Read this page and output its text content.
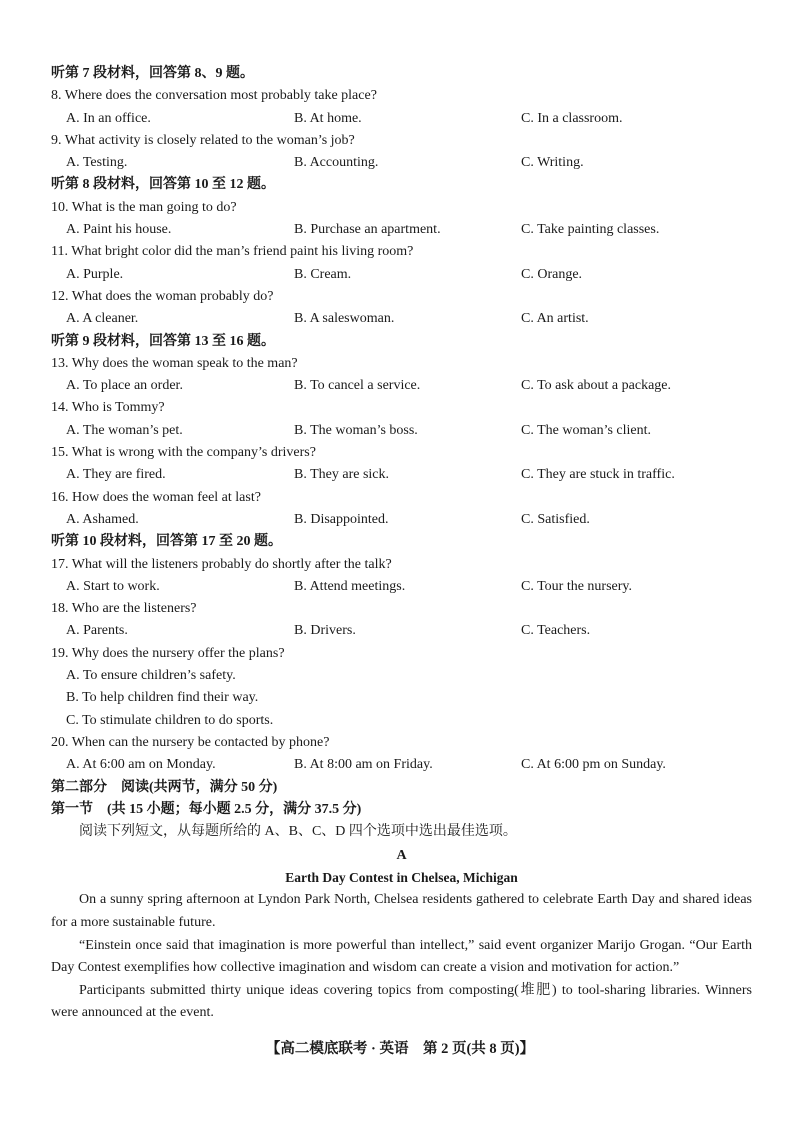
听第 7 段材料，回答第 8、9 题。
8. Where does the conversation most probably take place?
A. In an office.	B. At home.	C. In a classroom.
9. What activity is closely related to the woman’s job?
A. Testing.	B. Accounting.	C. Writing.
听第 8 段材料，回答第 10 至 12 题。
10. What is the man going to do?
A. Paint his house.	B. Purchase an apartment.	C. Take painting classes.
11. What bright color did the man’s friend paint his living room?
A. Purple.	B. Cream.	C. Orange.
12. What does the woman probably do?
A. A cleaner.	B. A saleswoman.	C. An artist.
听第 9 段材料，回答第 13 至 16 题。
13. Why does the woman speak to the man?
A. To place an order.	B. To cancel a service.	C. To ask about a package.
14. Who is Tommy?
A. The woman’s pet.	B. The woman’s boss.	C. The woman’s client.
15. What is wrong with the company’s drivers?
A. They are fired.	B. They are sick.	C. They are stuck in traffic.
16. How does the woman feel at last?
A. Ashamed.	B. Disappointed.	C. Satisfied.
听第 10 段材料，回答第 17 至 20 题。
17. What will the listeners probably do shortly after the talk?
A. Start to work.	B. Attend meetings.	C. Tour the nursery.
18. Who are the listeners?
A. Parents.	B. Drivers.	C. Teachers.
19. Why does the nursery offer the plans?
A. To ensure children’s safety.
B. To help children find their way.
C. To stimulate children to do sports.
20. When can the nursery be contacted by phone?
A. At 6:00 am on Monday.	B. At 8:00 am on Friday.	C. At 6:00 pm on Sunday.
第二部分　阅读(共两节，满分 50 分)
第一节　(共 15 小题；每小题 2.5 分，满分 37.5 分)
阅读下列短文，从每题所给的 A、B、C、D 四个选项中选出最佳选项。
A
Earth Day Contest in Chelsea, Michigan
On a sunny spring afternoon at Lyndon Park North, Chelsea residents gathered to celebrate Earth Day and shared ideas for a more sustainable future.
“Einstein once said that imagination is more powerful than intellect,” said event organizer Marijo Grogan. “Our Earth Day Contest exemplifies how collective imagination and wisdom can create a vision and motivation for action.”
Participants submitted thirty unique ideas covering topics from composting(堆肥) to tool-sharing libraries. Winners were announced at the event.
【高二模底联考 · 英语　第 2 页(共 8 页)】
